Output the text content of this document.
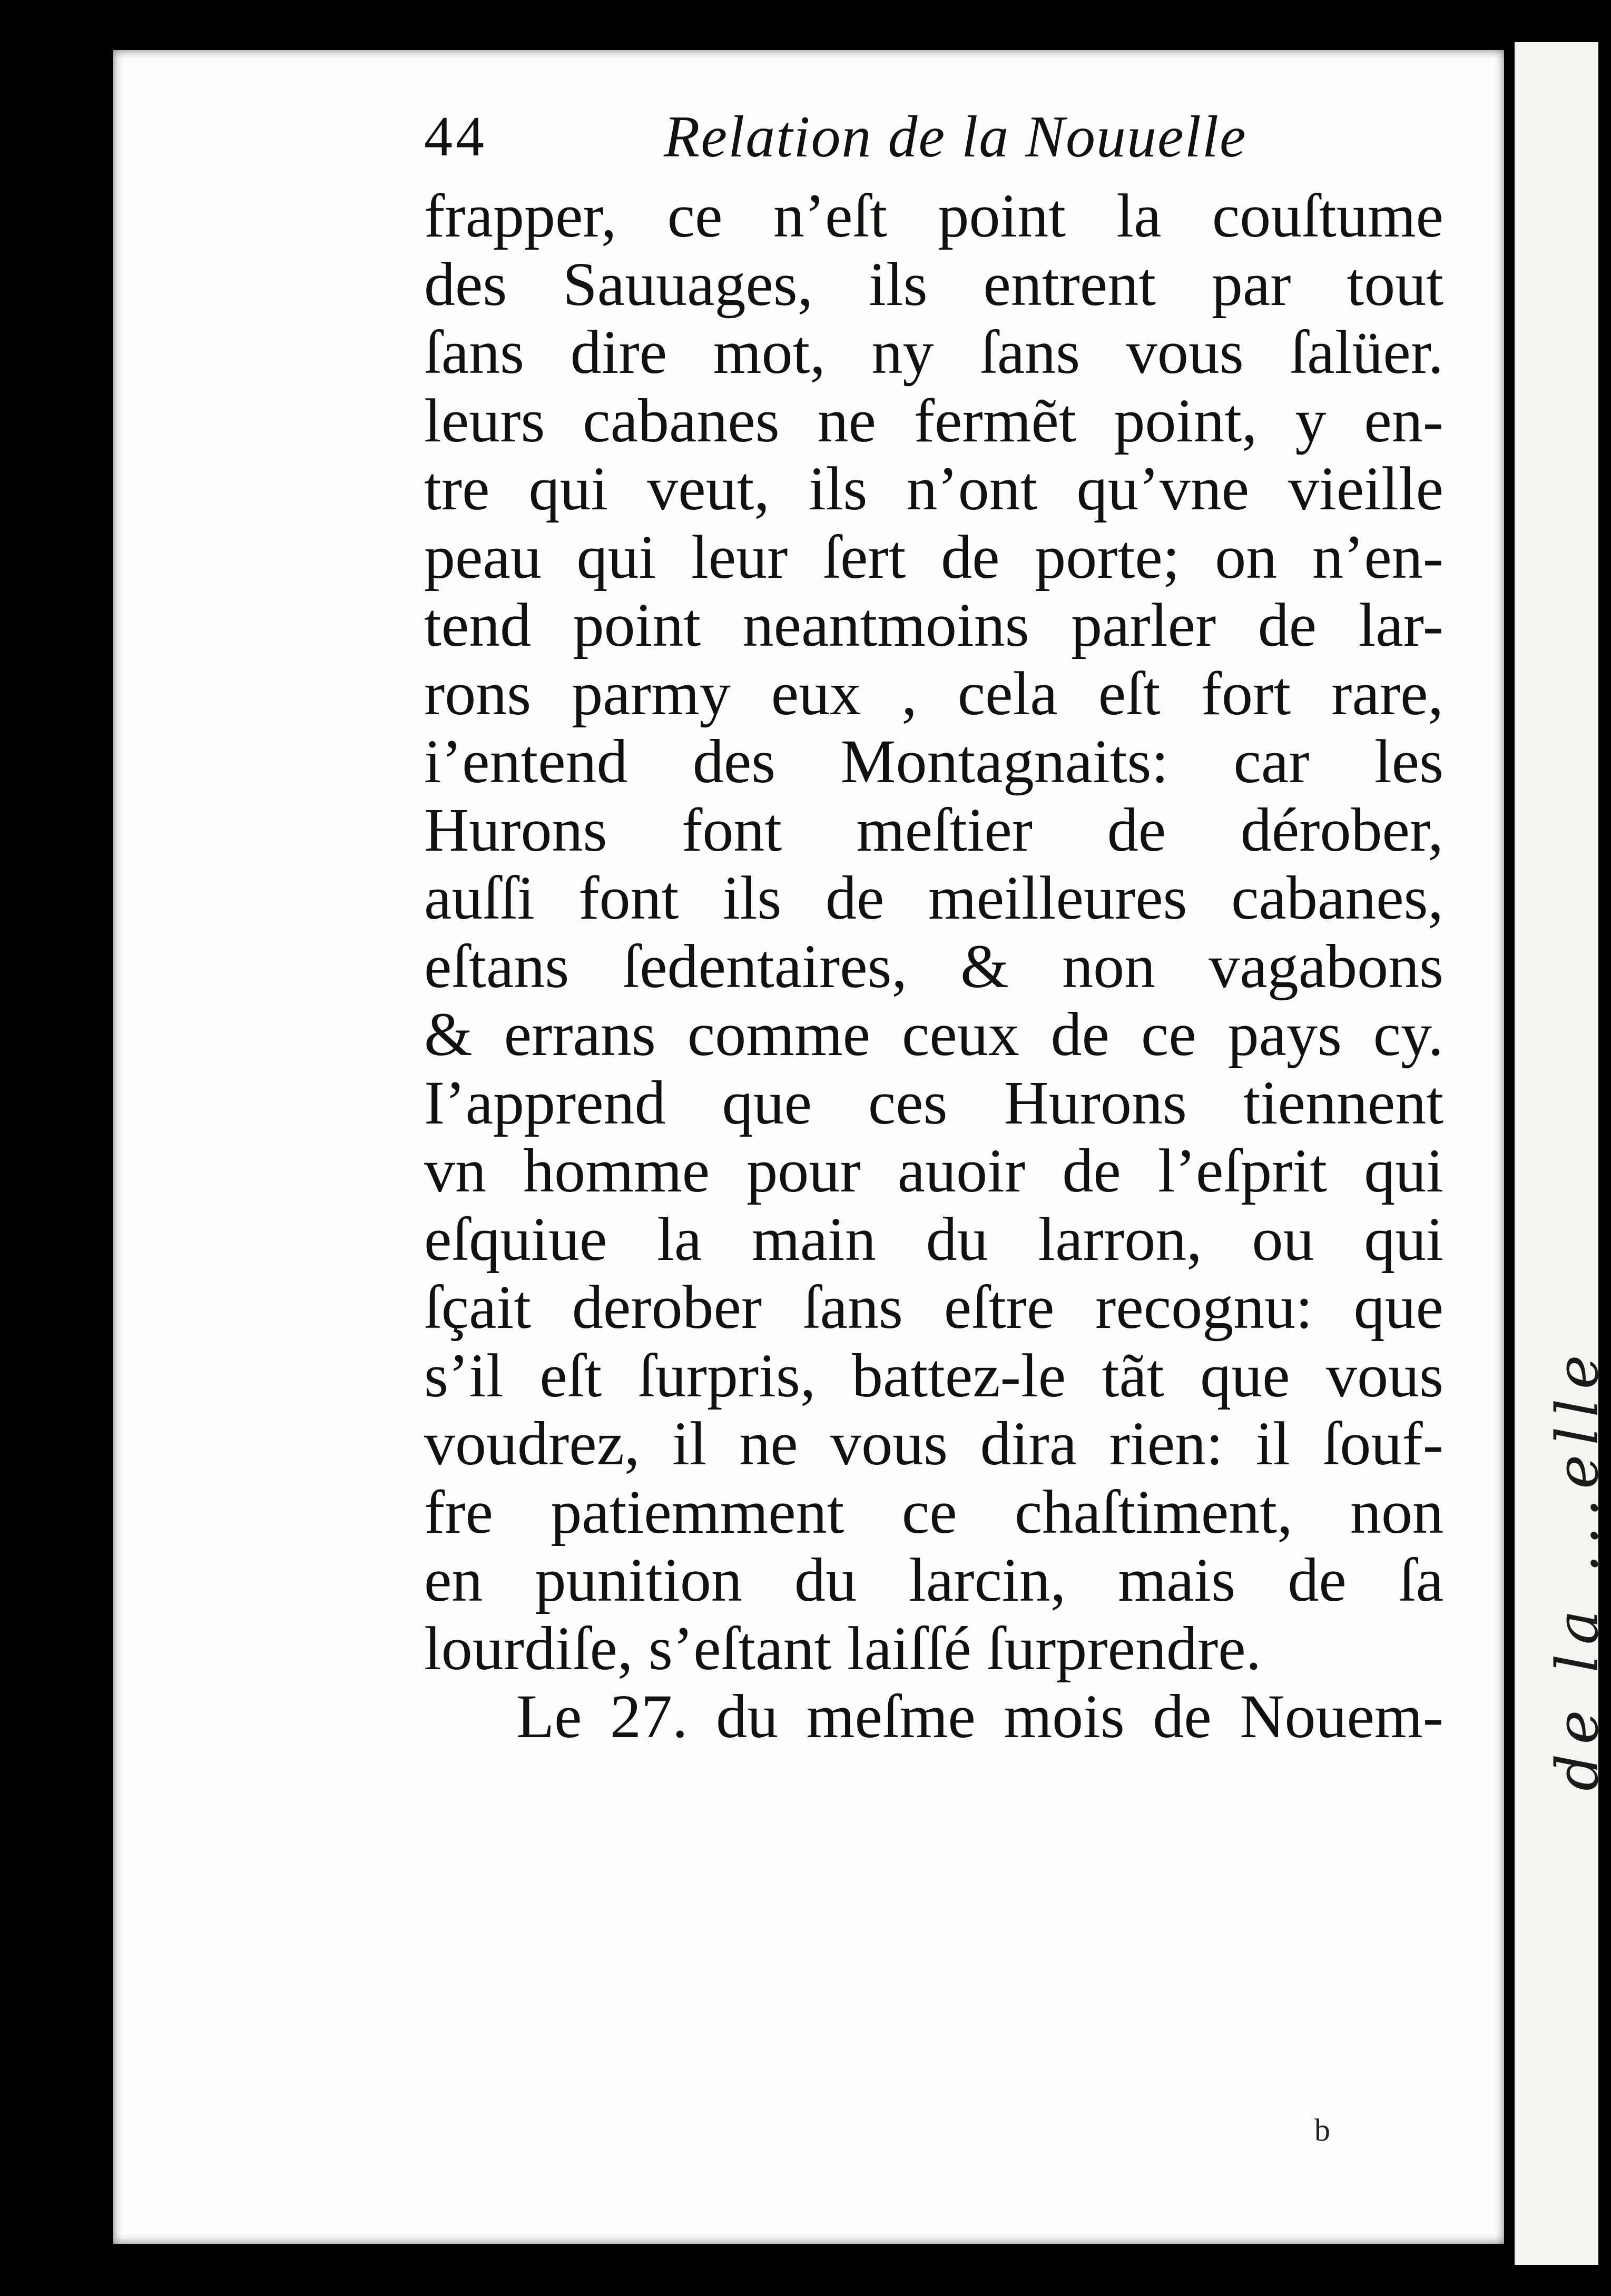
de la ...elle
44	Relation de la Nouuelle
frapper, ce n’eſt point la couſtume
des Sauuages, ils entrent par tout
ſans dire mot, ny ſans vous ſalüer.
leurs cabanes ne fermẽt point, y en-
tre qui veut, ils n’ont qu’vne vieille
peau qui leur ſert de porte; on n’en-
tend point neantmoins parler de lar-
rons parmy eux , cela eſt fort rare,
i’entend des Montagnaits: car les
Hurons font meſtier de dérober,
auſſi font ils de meilleures cabanes,
eſtans ſedentaires, & non vagabons
& errans comme ceux de ce pays cy.
I’apprend que ces Hurons tiennent
vn homme pour auoir de l’eſprit qui
eſquiue la main du larron, ou qui
ſçait derober ſans eſtre recognu: que
s’il eſt ſurpris, battez-le tãt que vous
voudrez, il ne vous dira rien: il ſouf-
fre patiemment ce chaſtiment, non
en punition du larcin, mais de ſa
lourdiſe, s’eſtant laiſſé ſurprendre.
Le 27. du meſme mois de Nouem-
b
